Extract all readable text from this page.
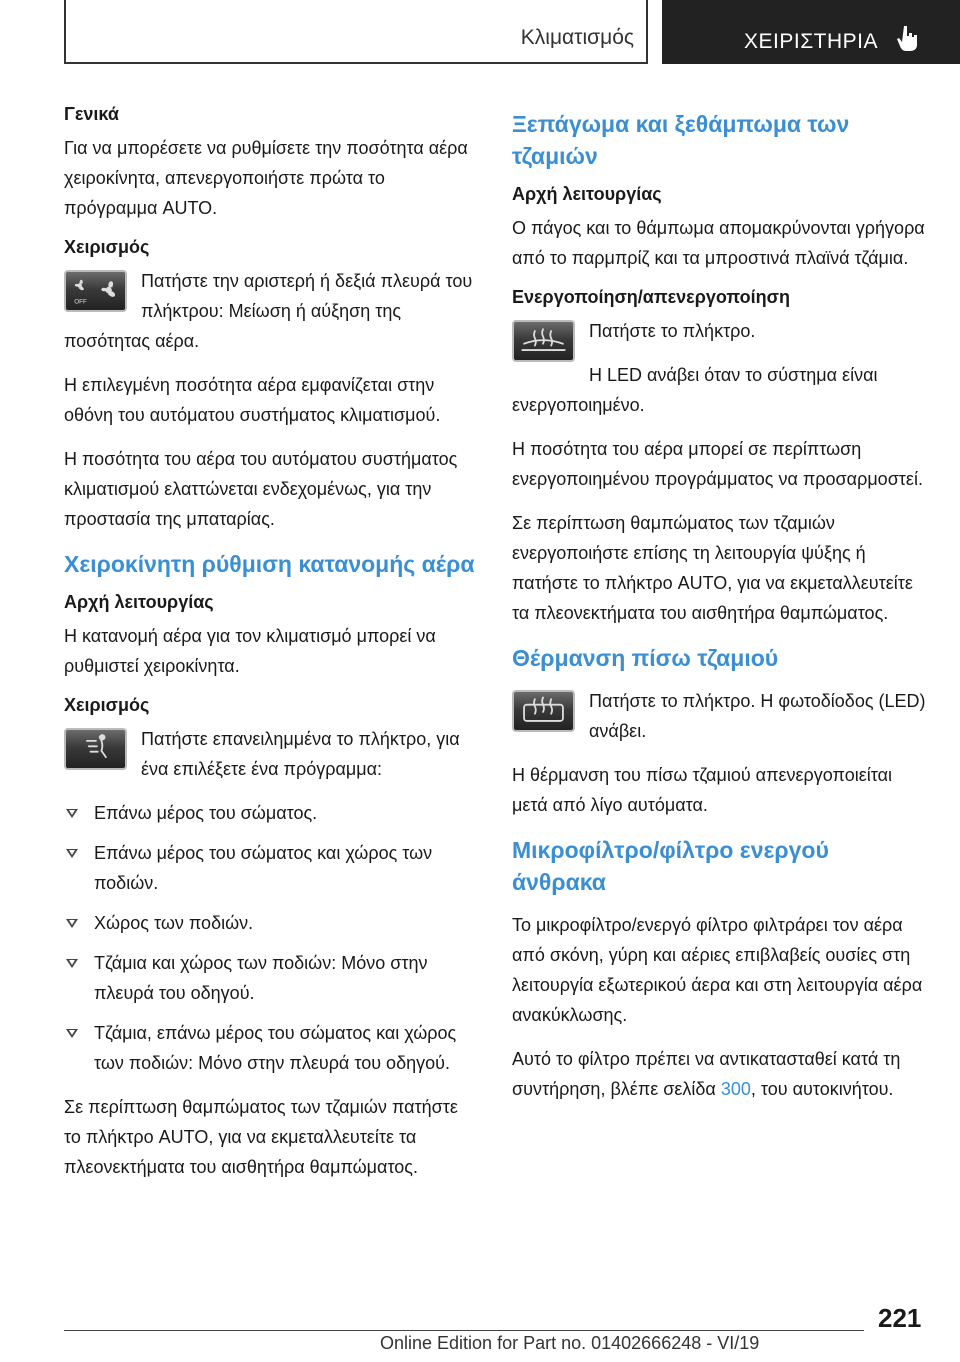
Κλιματισμός	ΧΕΙΡΙΣΤΗΡΙΑ
Γενικά

Για να μπορέσετε να ρυθμίσετε την ποσότητα αέρα χειροκίνητα, απενεργοποιήστε πρώτα το πρόγραμμα AUTO.

Χειρισμός
OFF

Πατήστε την αριστερή ή δεξιά πλευρά του πλήκτρου: Μείωση ή αύξηση της ποσότητας αέρα.

Η επιλεγμένη ποσότητα αέρα εμφανίζεται στην οθόνη του αυτόματου συστήματος κλιματισμού.

Η ποσότητα του αέρα του αυτόματου συστήματος κλιματισμού ελαττώνεται ενδεχομένως, για την προστασία της μπαταρίας.

Χειροκίνητη ρύθμιση κατανομής αέρα
Αρχή λειτουργίας

Η κατανομή αέρα για τον κλιματισμό μπορεί να ρυθμιστεί χειροκίνητα.

Χειρισμός

Πατήστε επανειλημμένα το πλήκτρο, για ένα επιλέξετε ένα πρόγραμμα:

Επάνω μέρος του σώματος.
Επάνω μέρος του σώματος και χώρος των ποδιών.
Χώρος των ποδιών.
Τζάμια και χώρος των ποδιών: Μόνο στην πλευρά του οδηγού.
Τζάμια, επάνω μέρος του σώματος και χώρος των ποδιών: Μόνο στην πλευρά του οδηγού.

Σε περίπτωση θαμπώματος των τζαμιών πατήστε το πλήκτρο AUTO, για να εκμεταλλευτείτε τα πλεονεκτήματα του αισθητήρα θαμπώματος.

Ξεπάγωμα και ξεθάμπωμα των τζαμιών
Αρχή λειτουργίας

Ο πάγος και το θάμπωμα απομακρύνονται γρήγορα από το παρμπρίζ και τα μπροστινά πλαϊνά τζάμια.

Ενεργοποίηση/απενεργοποίηση

Πατήστε το πλήκτρο.

Η LED ανάβει όταν το σύστημα είναι ενεργοποιημένο.

Η ποσότητα του αέρα μπορεί σε περίπτωση ενεργοποιημένου προγράμματος να προσαρμοστεί.

Σε περίπτωση θαμπώματος των τζαμιών ενεργοποιήστε επίσης τη λειτουργία ψύξης ή πατήστε το πλήκτρο AUTO, για να εκμεταλλευτείτε τα πλεονεκτήματα του αισθητήρα θαμπώματος.

Θέρμανση πίσω τζαμιού

Πατήστε το πλήκτρο. Η φωτοδίοδος (LED) ανάβει.

Η θέρμανση του πίσω τζαμιού απενεργοποιείται μετά από λίγο αυτόματα.

Μικροφίλτρο/φίλτρο ενεργού άνθρακα

Το μικροφίλτρο/ενεργό φίλτρο φιλτράρει τον αέρα από σκόνη, γύρη και αέριες επιβλαβείς ουσίες στη λειτουργία εξωτερικού άερα και στη λειτουργία αέρα ανακύκλωσης.

Αυτό το φίλτρο πρέπει να αντικατασταθεί κατά τη συντήρηση, βλέπε σελίδα 300, του αυτοκινήτου.

221
Online Edition for Part no. 01402666248 - VI/19
